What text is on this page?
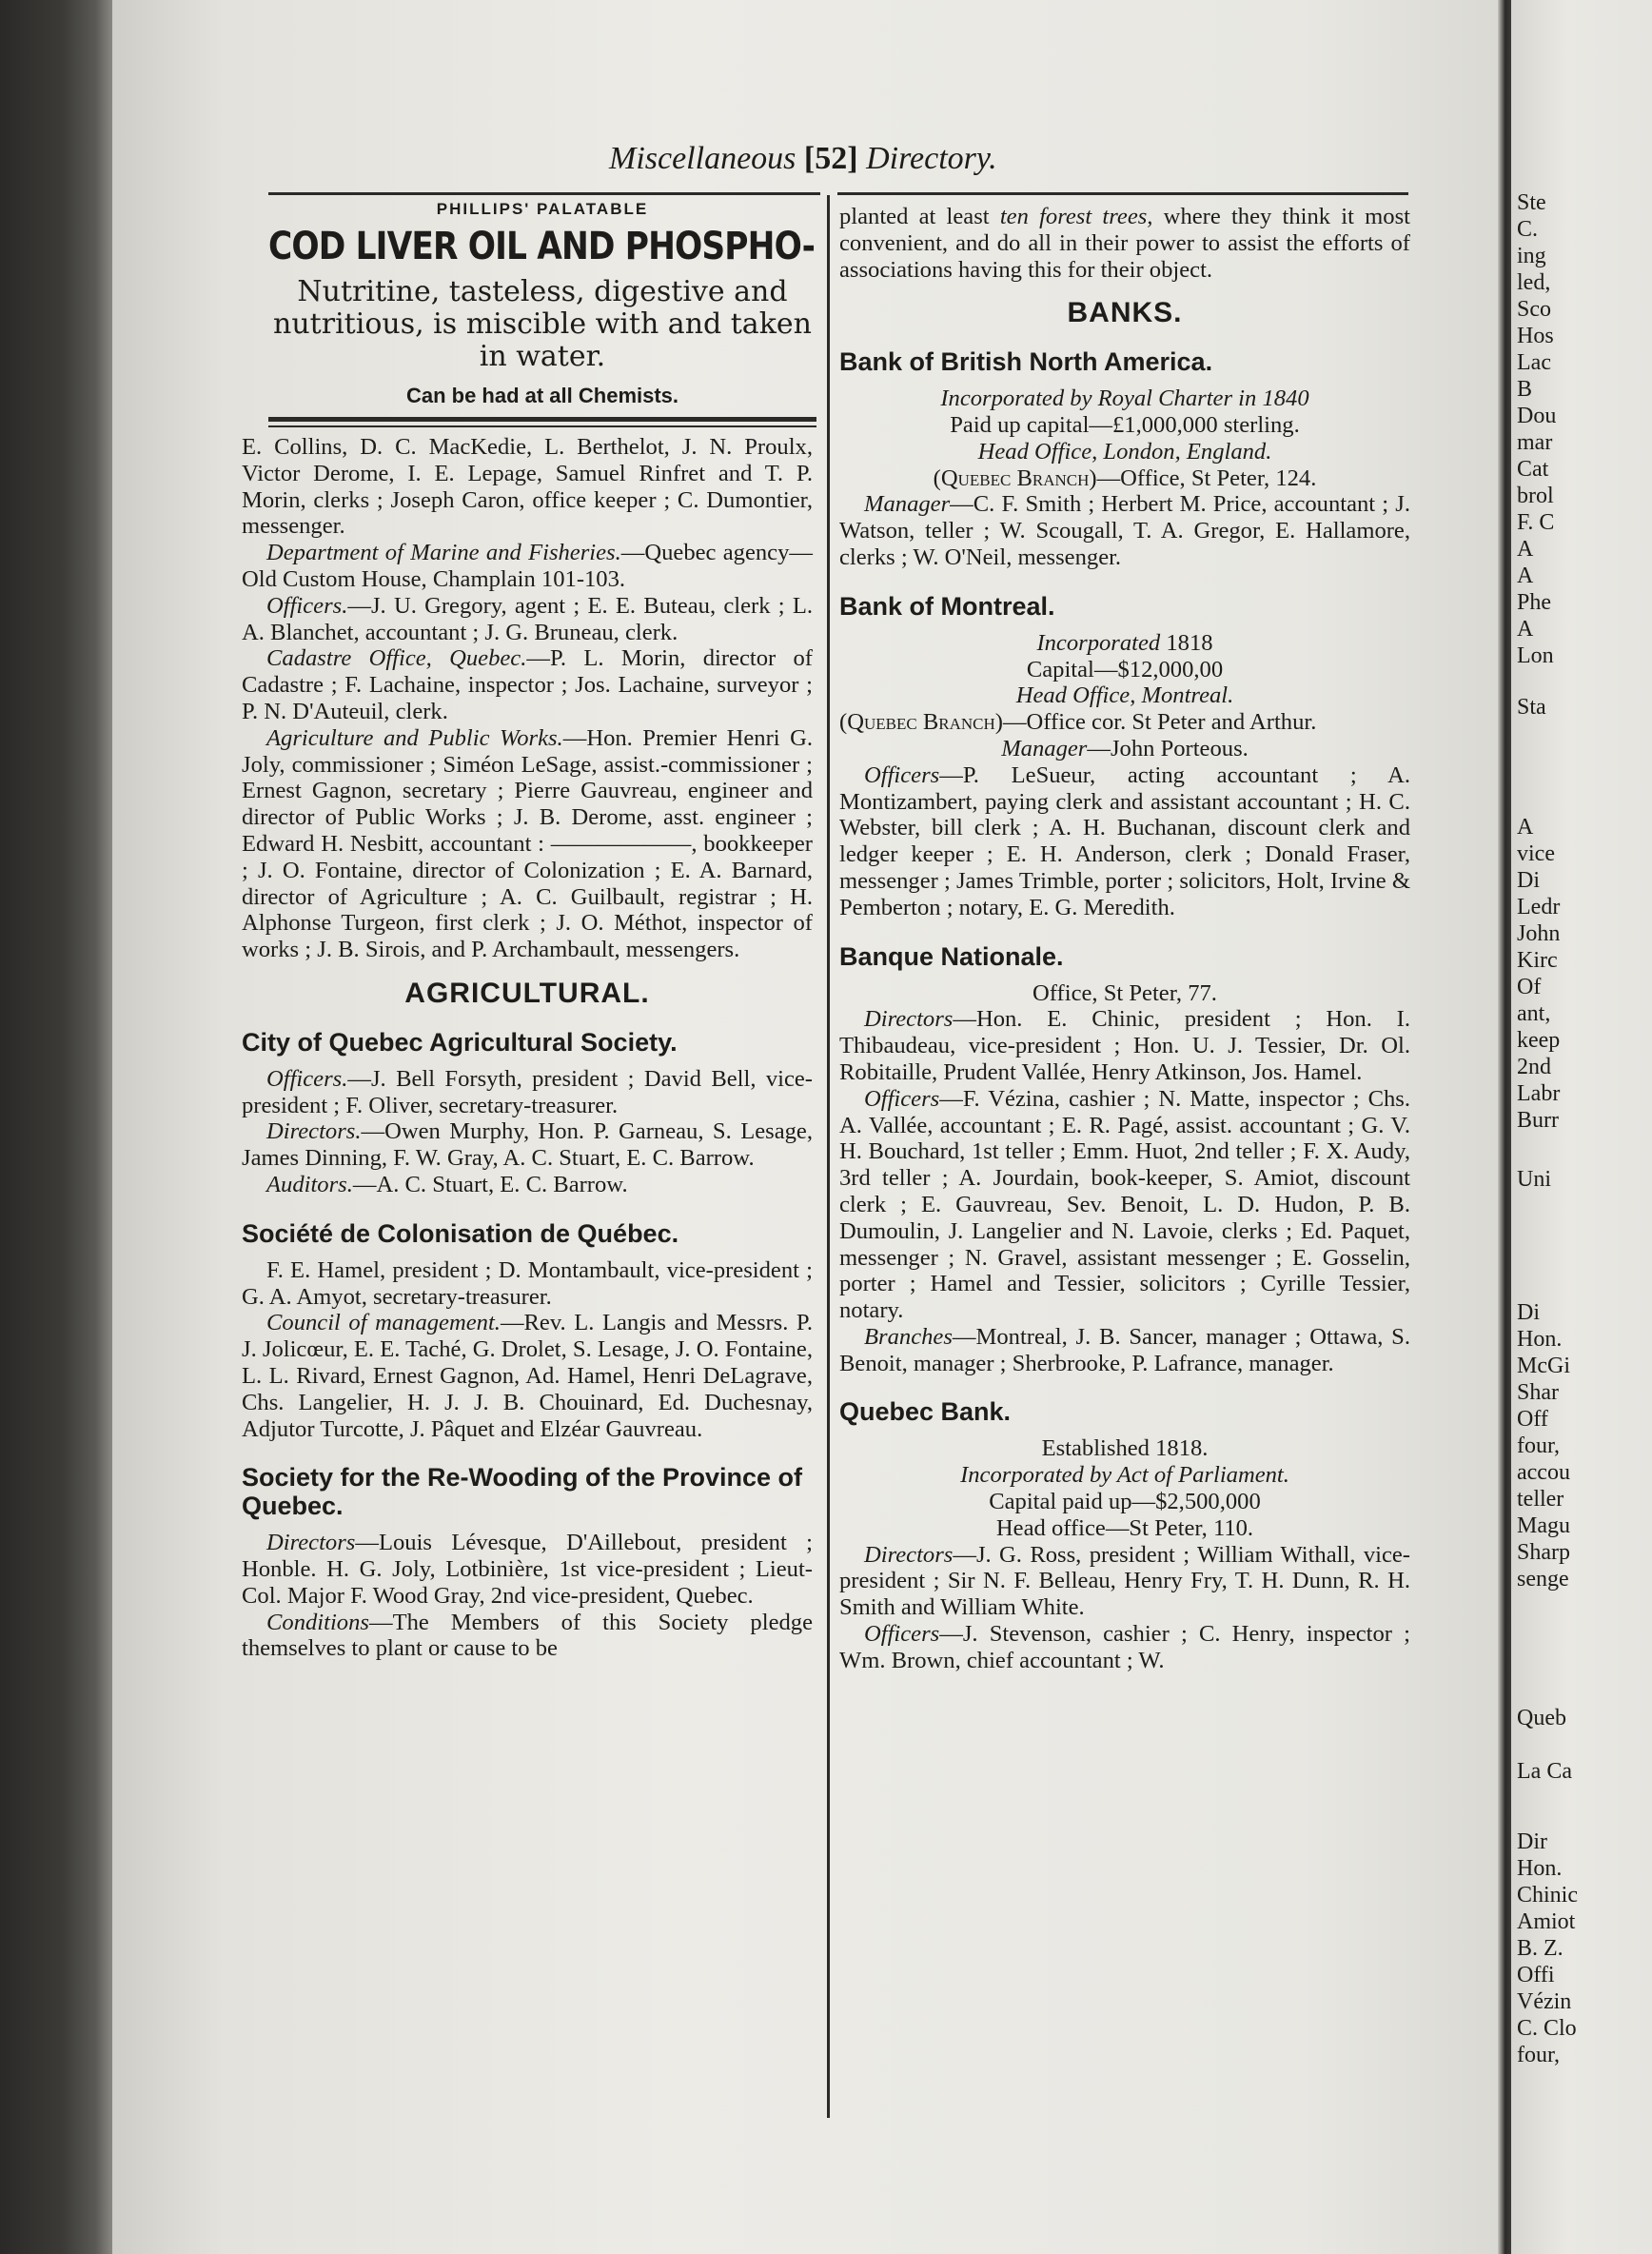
Miscellaneous [52] Directory.
PHILLIPS' PALATABLE
COD LIVER OIL AND PHOSPHO-
Nutritine, tasteless, digestive and nutritious, is miscible with and taken in water.
Can be had at all Chemists.

E. Collins, D. C. MacKedie, L. Berthelot, J. N. Proulx, Victor Derome, I. E. Lepage, Samuel Rinfret and T. P. Morin, clerks ; Joseph Caron, office keeper ; C. Dumontier, messenger.

Department of Marine and Fisheries.—Quebec agency—Old Custom House, Champlain 101-103.

Officers.—J. U. Gregory, agent ; E. E. Buteau, clerk ; L. A. Blanchet, accountant ; J. G. Bruneau, clerk.

Cadastre Office, Quebec.—P. L. Morin, director of Cadastre ; F. Lachaine, inspector ; Jos. Lachaine, surveyor ; P. N. D'Auteuil, clerk.

Agriculture and Public Works.—Hon. Premier Henri G. Joly, commissioner ; Siméon LeSage, assist.-commissioner ; Ernest Gagnon, secretary ; Pierre Gauvreau, engineer and director of Public Works ; J. B. Derome, asst. engineer ; Edward H. Nesbitt, accountant : ——————, bookkeeper ; J. O. Fontaine, director of Colonization ; E. A. Barnard, director of Agriculture ; A. C. Guilbault, registrar ; H. Alphonse Turgeon, first clerk ; J. O. Méthot, inspector of works ; J. B. Sirois, and P. Archambault, messengers.

AGRICULTURAL.
City of Quebec Agricultural Society.

Officers.—J. Bell Forsyth, president ; David Bell, vice-president ; F. Oliver, secretary-treasurer.

Directors.—Owen Murphy, Hon. P. Garneau, S. Lesage, James Dinning, F. W. Gray, A. C. Stuart, E. C. Barrow.

Auditors.—A. C. Stuart, E. C. Barrow.

Société de Colonisation de Québec.

F. E. Hamel, president ; D. Montambault, vice-president ; G. A. Amyot, secretary-treasurer.

Council of management.—Rev. L. Langis and Messrs. P. J. Jolicœur, E. E. Taché, G. Drolet, S. Lesage, J. O. Fontaine, L. L. Rivard, Ernest Gagnon, Ad. Hamel, Henri DeLagrave, Chs. Langelier, H. J. J. B. Chouinard, Ed. Duchesnay, Adjutor Turcotte, J. Pâquet and Elzéar Gauvreau.

Society for the Re-Wooding of the Province of Quebec.

Directors—Louis Lévesque, D'Aillebout, president ; Honble. H. G. Joly, Lotbinière, 1st vice-president ; Lieut-Col. Major F. Wood Gray, 2nd vice-president, Quebec.

Conditions—The Members of this Society pledge themselves to plant or cause to be

planted at least ten forest trees, where they think it most convenient, and do all in their power to assist the efforts of associations having this for their object.

BANKS.
Bank of British North America.

Incorporated by Royal Charter in 1840

Paid up capital—£1,000,000 sterling.

Head Office, London, England.

(Quebec Branch)—Office, St Peter, 124.

Manager—C. F. Smith ; Herbert M. Price, accountant ; J. Watson, teller ; W. Scougall, T. A. Gregor, E. Hallamore, clerks ; W. O'Neil, messenger.

Bank of Montreal.

Incorporated 1818

Capital—$12,000,00

Head Office, Montreal.

(Quebec Branch)—Office cor. St Peter and Arthur.

Manager—John Porteous.

Officers—P. LeSueur, acting accountant ; A. Montizambert, paying clerk and assistant accountant ; H. C. Webster, bill clerk ; A. H. Buchanan, discount clerk and ledger keeper ; E. H. Anderson, clerk ; Donald Fraser, messenger ; James Trimble, porter ; solicitors, Holt, Irvine & Pemberton ; notary, E. G. Meredith.

Banque Nationale.

Office, St Peter, 77.

Directors—Hon. E. Chinic, president ; Hon. I. Thibaudeau, vice-president ; Hon. U. J. Tessier, Dr. Ol. Robitaille, Prudent Vallée, Henry Atkinson, Jos. Hamel.

Officers—F. Vézina, cashier ; N. Matte, inspector ; Chs. A. Vallée, accountant ; E. R. Pagé, assist. accountant ; G. V. H. Bouchard, 1st teller ; Emm. Huot, 2nd teller ; F. X. Audy, 3rd teller ; A. Jourdain, book-keeper, S. Amiot, discount clerk ; E. Gauvreau, Sev. Benoit, L. D. Hudon, P. B. Dumoulin, J. Langelier and N. Lavoie, clerks ; Ed. Paquet, messenger ; N. Gravel, assistant messenger ; E. Gosselin, porter ; Hamel and Tessier, solicitors ; Cyrille Tessier, notary.

Branches—Montreal, J. B. Sancer, manager ; Ottawa, S. Benoit, manager ; Sherbrooke, P. Lafrance, manager.

Quebec Bank.

Established 1818.

Incorporated by Act of Parliament.

Capital paid up—$2,500,000

Head office—St Peter, 110.

Directors—J. G. Ross, president ; William Withall, vice-president ; Sir N. F. Belleau, Henry Fry, T. H. Dunn, R. H. Smith and William White.

Officers—J. Stevenson, cashier ; C. Henry, inspector ; Wm. Brown, chief accountant ; W.

Ste
C.
ing
led,
Sco
Hos
Lac
B
Dou
mar
Cat
brol
F. C
A
A
Phe
A
Lon
Sta
A
vice
Di
Ledr
John
Kirc
Of
ant,
keep
2nd
Labr
Burr
Uni
Di
Hon.
McGi
Shar
Off
four,
accou
teller
Magu
Sharp
senge
Queb
La Ca
Dir
Hon.
Chinic
Amiot
B. Z.
Offi
Vézin
C. Clo
four,
